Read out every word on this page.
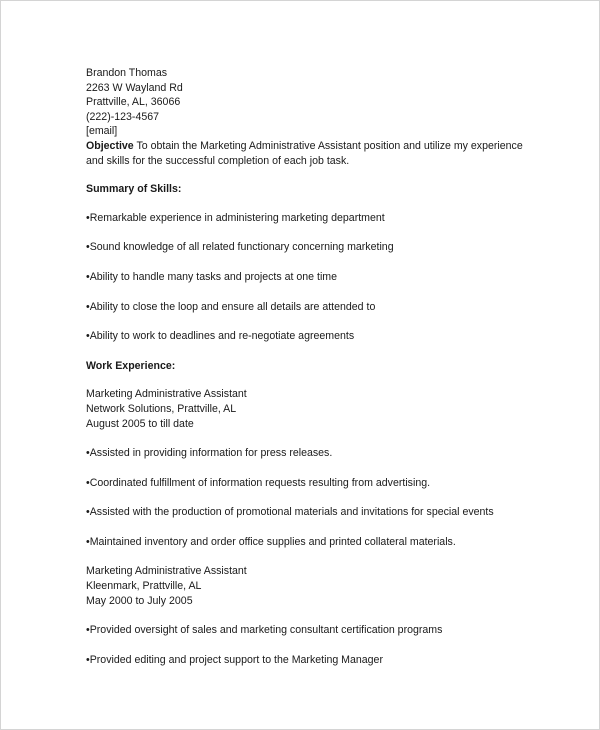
Brandon Thomas
2263 W Wayland Rd
Prattville, AL, 36066
(222)-123-4567
[email]
Objective To obtain the Marketing Administrative Assistant position and utilize my experience and skills for the successful completion of each job task.
Summary of Skills:
•Remarkable experience in administering marketing department
•Sound knowledge of all related functionary concerning marketing
•Ability to handle many tasks and projects at one time
•Ability to close the loop and ensure all details are attended to
•Ability to work to deadlines and re-negotiate agreements
Work Experience:
Marketing Administrative Assistant
Network Solutions, Prattville, AL
August 2005 to till date
•Assisted in providing information for press releases.
•Coordinated fulfillment of information requests resulting from advertising.
•Assisted with the production of promotional materials and invitations for special events
•Maintained inventory and order office supplies and printed collateral materials.
Marketing Administrative Assistant
Kleenmark, Prattville, AL
May 2000 to July 2005
•Provided oversight of sales and marketing consultant certification programs
•Provided editing and project support to the Marketing Manager
